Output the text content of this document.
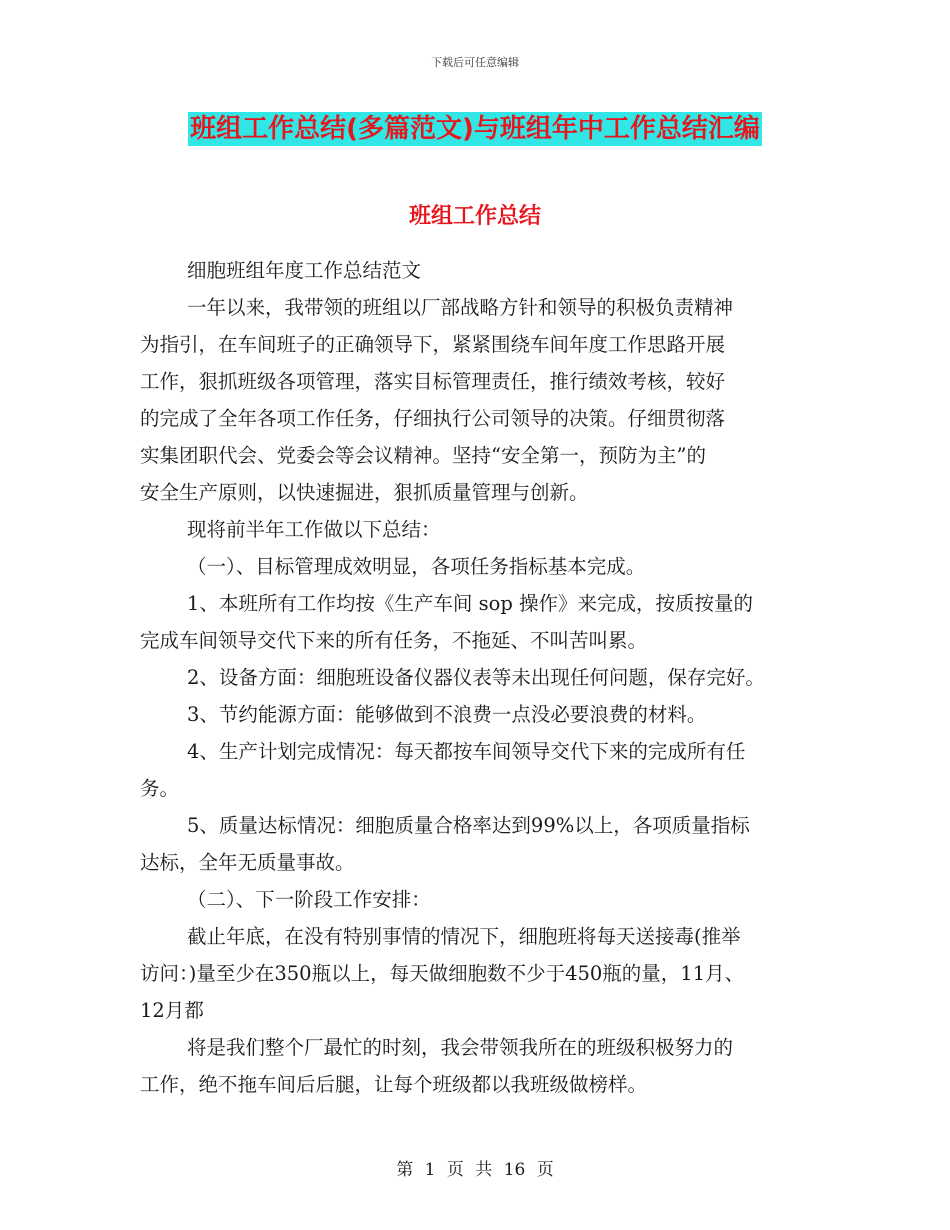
下载后可任意编辑
班组工作总结(多篇范文)与班组年中工作总结汇编
班组工作总结
细胞班组年度工作总结范文
一年以来，我带领的班组以厂部战略方针和领导的积极负责精神
为指引，在车间班子的正确领导下，紧紧围绕车间年度工作思路开展
工作，狠抓班级各项管理，落实目标管理责任，推行绩效考核，较好
的完成了全年各项工作任务，仔细执行公司领导的决策。仔细贯彻落
实集团职代会、党委会等会议精神。坚持“安全第一，预防为主”的
安全生产原则，以快速掘进，狠抓质量管理与创新。
现将前半年工作做以下总结：
（一）、目标管理成效明显，各项任务指标基本完成。
1、本班所有工作均按《生产车间 sop 操作》来完成，按质按量的
完成车间领导交代下来的所有任务，不拖延、不叫苦叫累。
2、设备方面：细胞班设备仪器仪表等未出现任何问题，保存完好。
3、节约能源方面：能够做到不浪费一点没必要浪费的材料。
4、生产计划完成情况：每天都按车间领导交代下来的完成所有任
务。
5、质量达标情况：细胞质量合格率达到99%以上，各项质量指标
达标，全年无质量事故。
（二）、下一阶段工作安排：
截止年底，在没有特别事情的情况下，细胞班将每天送接毒(推举
访问：)量至少在350瓶以上，每天做细胞数不少于450瓶的量，11月、
12月都
将是我们整个厂最忙的时刻，我会带领我所在的班级积极努力的
工作，绝不拖车间后后腿，让每个班级都以我班级做榜样。
第 1 页 共 16 页
